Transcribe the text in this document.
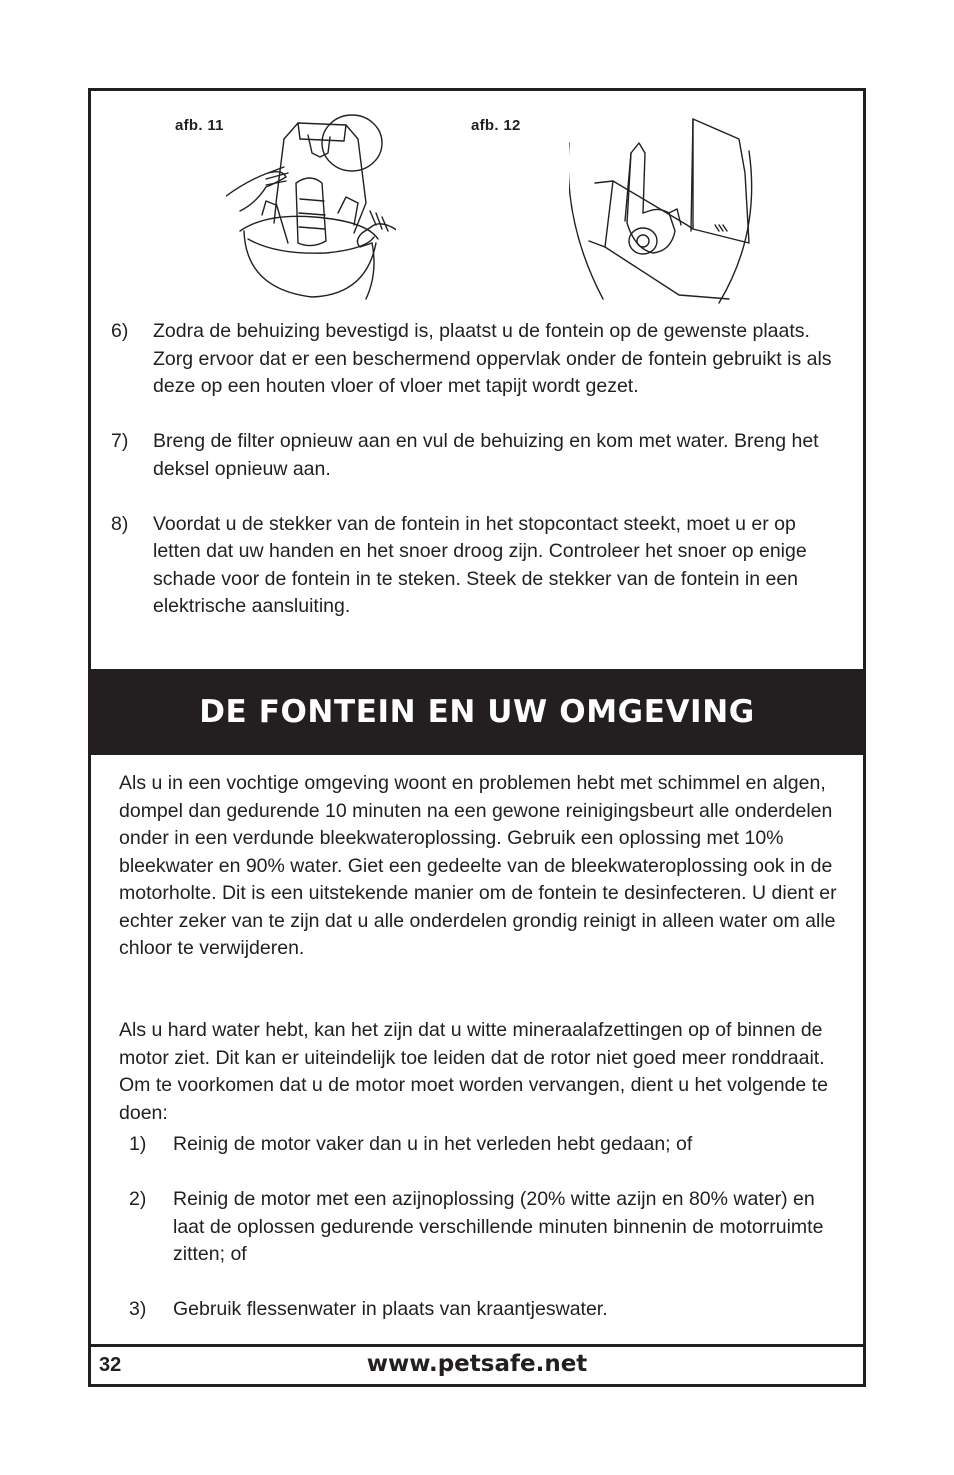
afb. 11	afb. 12
6)	Zodra de behuizing bevestigd is, plaatst u de fontein op de gewenste plaats. Zorg ervoor dat er een beschermend oppervlak onder de fontein gebruikt is als deze op een houten vloer of vloer met tapijt wordt gezet.
7)	Breng de filter opnieuw aan en vul de behuizing en kom met water. Breng het deksel opnieuw aan.
8)	Voordat u de stekker van de fontein in het stopcontact steekt, moet u er op letten dat uw handen en het snoer droog zijn. Controleer het snoer op enige schade voor de fontein in te steken. Steek de stekker van de fontein in een elektrische aansluiting.
DE FONTEIN EN UW OMGEVING

Als u in een vochtige omgeving woont en problemen hebt met schimmel en algen, dompel dan gedurende 10 minuten na een gewone reinigingsbeurt alle onderdelen onder in een verdunde bleekwateroplossing. Gebruik een oplossing met 10% bleekwater en 90% water. Giet een gedeelte van de bleekwateroplossing ook in de motorholte. Dit is een uitstekende manier om de fontein te desinfecteren. U dient er echter zeker van te zijn dat u alle onderdelen grondig reinigt in alleen water om alle chloor te verwijderen.

Als u hard water hebt, kan het zijn dat u witte mineraalafzettingen op of binnen de motor ziet. Dit kan er uiteindelijk toe leiden dat de rotor niet goed meer ronddraait. Om te voorkomen dat u de motor moet worden vervangen, dient u het volgende te doen:

1)	Reinig de motor vaker dan u in het verleden hebt gedaan; of
2)	Reinig de motor met een azijnoplossing (20% witte azijn en 80% water) en laat de oplossen gedurende verschillende minuten binnenin de motorruimte zitten; of
3)	Gebruik flessenwater in plaats van kraantjeswater.
32	www.petsafe.net
